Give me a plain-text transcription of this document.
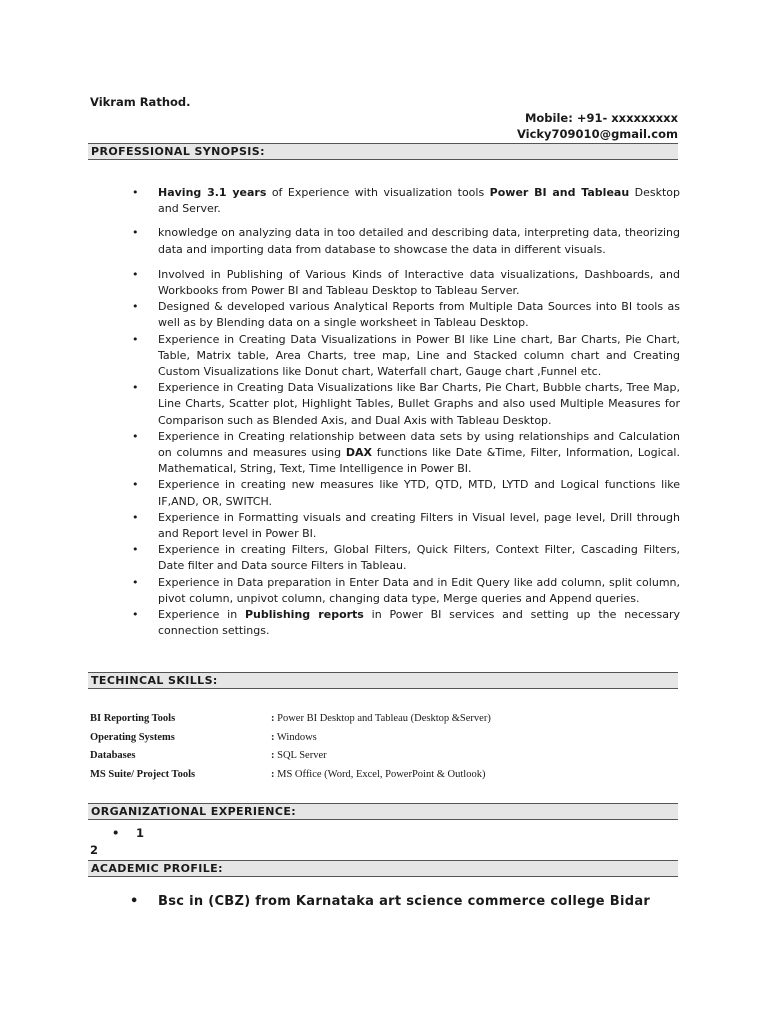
Vikram Rathod.
Mobile: +91- xxxxxxxxx
Vicky709010@gmail.com
PROFESSIONAL SYNOPSIS:
• Having 3.1 years of Experience with visualization tools Power BI and Tableau Desktop and Server.
• knowledge on analyzing data in too detailed and describing data, interpreting data, theorizing data and importing data from database to showcase the data in different visuals.
• Involved in Publishing of Various Kinds of Interactive data visualizations, Dashboards, and Workbooks from Power BI and Tableau Desktop to Tableau Server.
• Designed & developed various Analytical Reports from Multiple Data Sources into BI tools as well as by Blending data on a single worksheet in Tableau Desktop.
• Experience in Creating Data Visualizations in Power BI like Line chart, Bar Charts, Pie Chart, Table, Matrix table, Area Charts, tree map, Line and Stacked column chart and Creating Custom Visualizations like Donut chart, Waterfall chart, Gauge chart ,Funnel etc.
• Experience in Creating Data Visualizations like Bar Charts, Pie Chart, Bubble charts, Tree Map, Line Charts, Scatter plot, Highlight Tables, Bullet Graphs and also used Multiple Measures for Comparison such as Blended Axis, and Dual Axis with Tableau Desktop.
• Experience in Creating relationship between data sets by using relationships and Calculation on columns and measures using DAX functions like Date &Time, Filter, Information, Logical. Mathematical, String, Text, Time Intelligence in Power BI.
• Experience in creating new measures like YTD, QTD, MTD, LYTD and Logical functions like IF,AND, OR, SWITCH.
• Experience in Formatting visuals and creating Filters in Visual level, page level, Drill through and Report level in Power BI.
• Experience in creating Filters, Global Filters, Quick Filters, Context Filter, Cascading Filters, Date filter and Data source Filters in Tableau.
• Experience in Data preparation in Enter Data and in Edit Query like add column, split column, pivot column, unpivot column, changing data type, Merge queries and Append queries.
• Experience in Publishing reports in Power BI services and setting up the necessary connection settings.
TECHINCAL SKILLS:
BI Reporting Tools	: Power BI Desktop and Tableau (Desktop &Server)
Operating Systems	: Windows
Databases	: SQL Server
MS Suite/ Project Tools	: MS Office (Word, Excel, PowerPoint & Outlook)
ORGANIZATIONAL EXPERIENCE:
• 1
2
ACADEMIC PROFILE:
• Bsc in (CBZ) from Karnataka art science commerce college Bidar
